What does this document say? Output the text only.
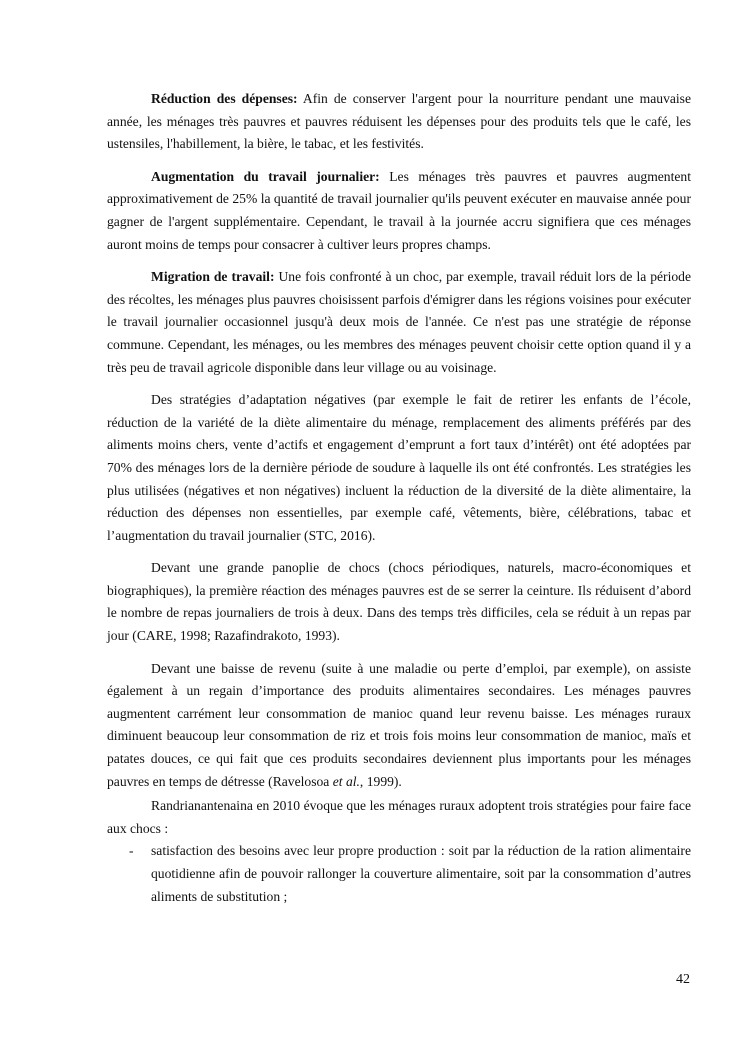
Réduction des dépenses: Afin de conserver l'argent pour la nourriture pendant une mauvaise année, les ménages très pauvres et pauvres réduisent les dépenses pour des produits tels que le café, les ustensiles, l'habillement, la bière, le tabac, et les festivités.

Augmentation du travail journalier: Les ménages très pauvres et pauvres augmentent approximativement de 25% la quantité de travail journalier qu'ils peuvent exécuter en mauvaise année pour gagner de l'argent supplémentaire. Cependant, le travail à la journée accru signifiera que ces ménages auront moins de temps pour consacrer à cultiver leurs propres champs.

Migration de travail: Une fois confronté à un choc, par exemple, travail réduit lors de la période des récoltes, les ménages plus pauvres choisissent parfois d'émigrer dans les régions voisines pour exécuter le travail journalier occasionnel jusqu'à deux mois de l'année. Ce n'est pas une stratégie de réponse commune. Cependant, les ménages, ou les membres des ménages peuvent choisir cette option quand il y a très peu de travail agricole disponible dans leur village ou au voisinage.

Des stratégies d’adaptation négatives (par exemple le fait de retirer les enfants de l’école, réduction de la variété de la diète alimentaire du ménage, remplacement des aliments préférés par des aliments moins chers, vente d’actifs et engagement d’emprunt a fort taux d’intérêt) ont été adoptées par 70% des ménages lors de la dernière période de soudure à laquelle ils ont été confrontés. Les stratégies les plus utilisées (négatives et non négatives) incluent la réduction de la diversité de la diète alimentaire, la réduction des dépenses non essentielles, par exemple café, vêtements, bière, célébrations, tabac et l’augmentation du travail journalier (STC, 2016).

Devant une grande panoplie de chocs (chocs périodiques, naturels, macro-économiques et biographiques), la première réaction des ménages pauvres est de se serrer la ceinture. Ils réduisent d’abord le nombre de repas journaliers de trois à deux. Dans des temps très difficiles, cela se réduit à un repas par jour (CARE, 1998; Razafindrakoto, 1993).

Devant une baisse de revenu (suite à une maladie ou perte d’emploi, par exemple), on assiste également à un regain d’importance des produits alimentaires secondaires. Les ménages pauvres augmentent carrément leur consommation de manioc quand leur revenu baisse. Les ménages ruraux diminuent beaucoup leur consommation de riz et trois fois moins leur consommation de manioc, maïs et patates douces, ce qui fait que ces produits secondaires deviennent plus importants pour les ménages pauvres en temps de détresse (Ravelosoa et al., 1999).

Randrianantenaina en 2010 évoque que les ménages ruraux adoptent trois stratégies pour faire face aux chocs :

- satisfaction des besoins avec leur propre production : soit par la réduction de la ration alimentaire quotidienne afin de pouvoir rallonger la couverture alimentaire, soit par la consommation d’autres aliments de substitution ;
42
